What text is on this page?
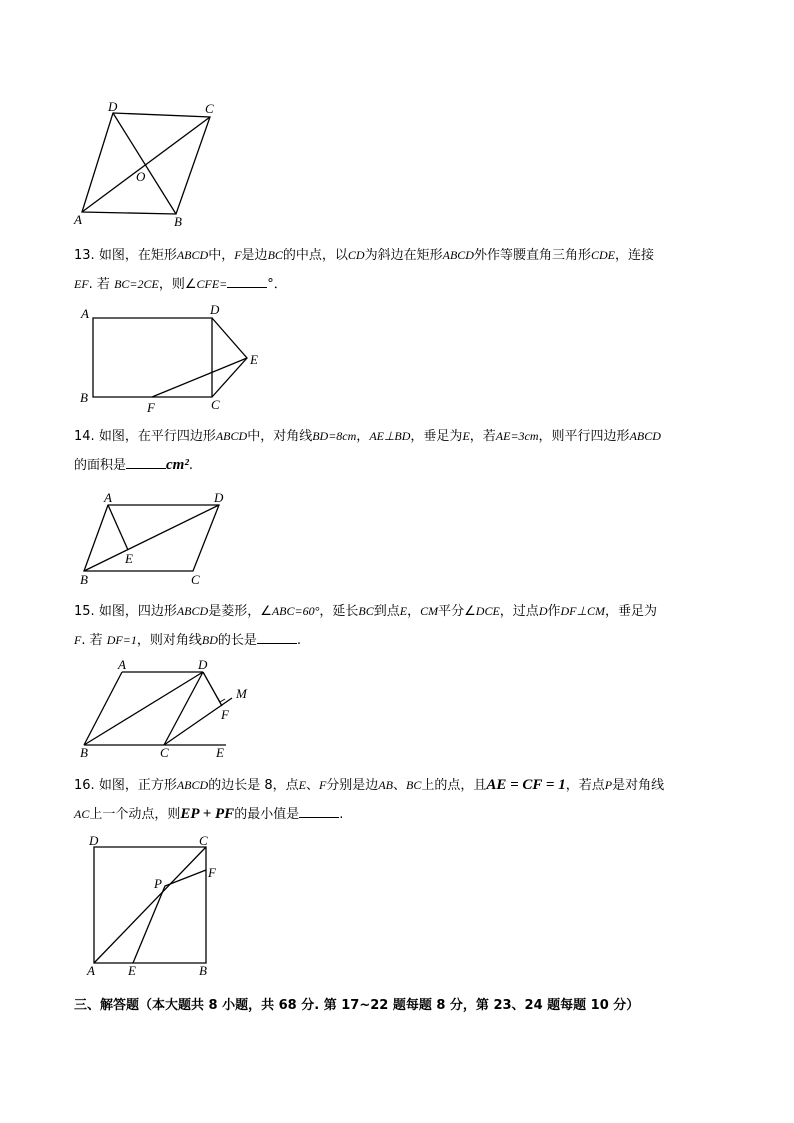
D	C
A	B
O
A	D
E
B
F	C
A	D
E
B	C
A	D
M
F
B	C	E
D	C
F
P
A	E	B
13. 如图，在矩形ABCD中，F是边BC的中点，以CD为斜边在矩形ABCD外作等腰直角三角形CDE，连接
EF. 若 BC=2CE，则∠CFE=	°．
14. 如图，在平行四边形ABCD中，对角线BD=8cm，AE⊥BD，垂足为E，若AE=3cm，则平行四边形ABCD
的面积是	cm².
15. 如图，四边形ABCD是菱形，∠ABC=60°，延长BC到点E，CM平分∠DCE，过点D作DF⊥CM，垂足为
F. 若 DF=1，则对角线BD的长是	.
16. 如图，正方形ABCD的边长是 8，点E、F分别是边AB、BC上的点，且AE = CF = 1，若点P是对角线
AC上一个动点，则EP + PF的最小值是	.
三、解答题（本大题共 8 小题，共 68 分. 第 17~22 题每题 8 分，第 23、24 题每题 10 分）
